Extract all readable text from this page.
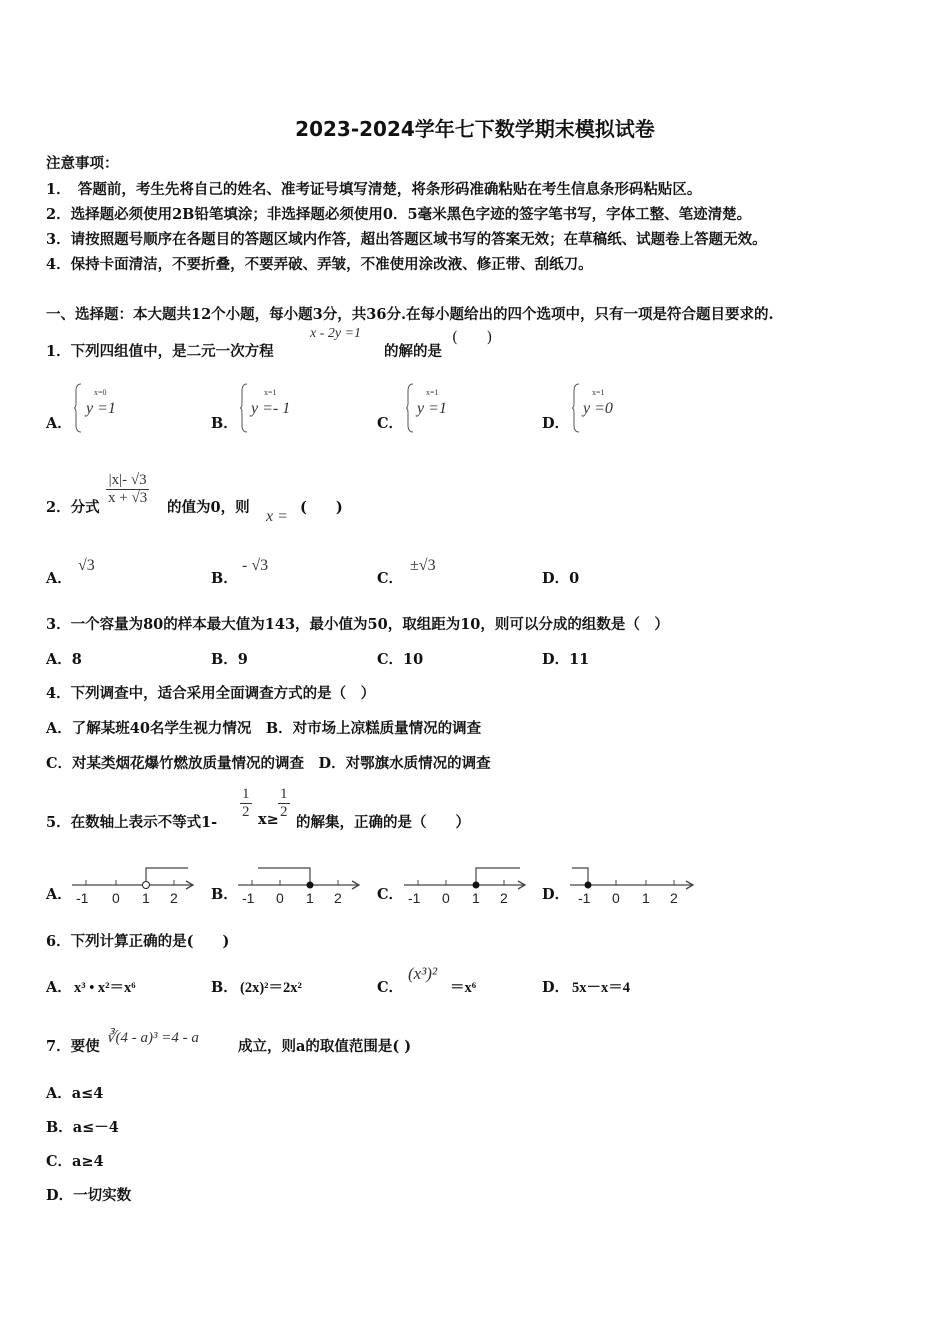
2023-2024学年七下数学期末模拟试卷
注意事项：
1．　答题前，考生先将自己的姓名、准考证号填写清楚，将条形码准确粘贴在考生信息条形码粘贴区。
2．选择题必须使用2B铅笔填涂；非选择题必须使用0．5毫米黑色字迹的签字笔书写，字体工整、笔迹清楚。
3．请按照题号顺序在各题目的答题区域内作答，超出答题区域书写的答案无效；在草稿纸、试题卷上答题无效。
4．保持卡面清洁，不要折叠，不要弄破、弄皱，不准使用涂改液、修正带、刮纸刀。
一、选择题：本大题共12个小题，每小题3分，共36分.在每小题给出的四个选项中，只有一项是符合题目要求的.
1．下列四组值中，是二元一次方程
x - 2y =1
的解的是
(　　)
A．	B．	C．	D．
x=0
y =1
x=1
y =- 1
x=1
y =1
x=1
y =0
2．分式
$\frac{|x|- √3}{x + √3}$
的值为0，则
x =
(　　)
A．
√3
B．
- √3
C．
±√3
D．0
3．一个容量为80的样本最大值为143，最小值为50，取组距为10，则可以分成的组数是（　）
A．8	B．9	C．10	D．11
4．下列调查中，适合采用全面调查方式的是（　）
A．了解某班40名学生视力情况　B．对市场上凉糕质量情况的调查
C．对某类烟花爆竹燃放质量情况的调查　D．对鄂旗水质情况的调查
5．在数轴上表示不等式1-
$\frac{1}{2} x\ge \frac{1}{2}$
的解集，正确的是（　　）
A．	B．	C．	D．
-1 0 1 2	-1 0 1 2	-1 0 1 2	-1 0 1 2
6．下列计算正确的是(　　)
A． x³ • x²＝x⁶	B． (2x)²＝2x²	C．
(x³)²
＝x⁶	D． 5x－x＝4
7．要使 ∛(4 - a)³ =4 - a	成立，则a的取值范围是( )
A．a≤4
B．a≤－4
C．a≥4
D．一切实数
